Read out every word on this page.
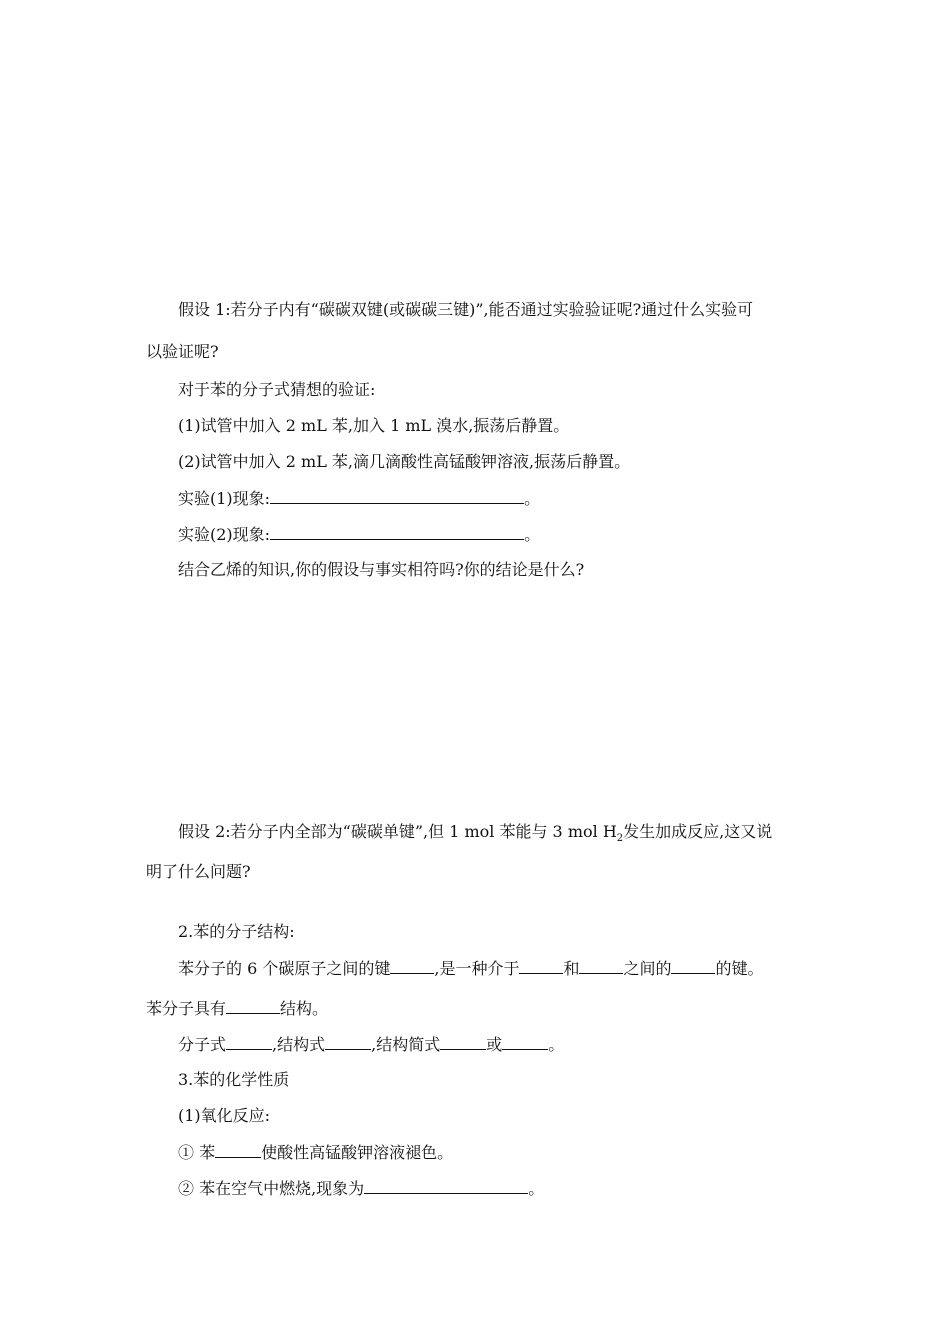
假设 1:若分子内有“碳碳双键(或碳碳三键)”,能否通过实验验证呢?通过什么实验可
以验证呢?
对于苯的分子式猜想的验证:
(1)试管中加入 2 mL 苯,加入 1 mL 溴水,振荡后静置。
(2)试管中加入 2 mL 苯,滴几滴酸性高锰酸钾溶液,振荡后静置。
实验(1)现象:	。
实验(2)现象:	。
结合乙烯的知识,你的假设与事实相符吗?你的结论是什么?
假设 2:若分子内全部为“碳碳单键”,但 1 mol 苯能与 3 mol $H_2$发生加成反应,这又说
明了什么问题?
2.苯的分子结构:
苯分子的 6 个碳原子之间的键	,是一种介于	和	之间的	的键。
苯分子具有	结构。
分子式	,结构式	,结构简式	或	。
3.苯的化学性质
(1)氧化反应:
① 苯	使酸性高锰酸钾溶液褪色。
② 苯在空气中燃烧,现象为	。
